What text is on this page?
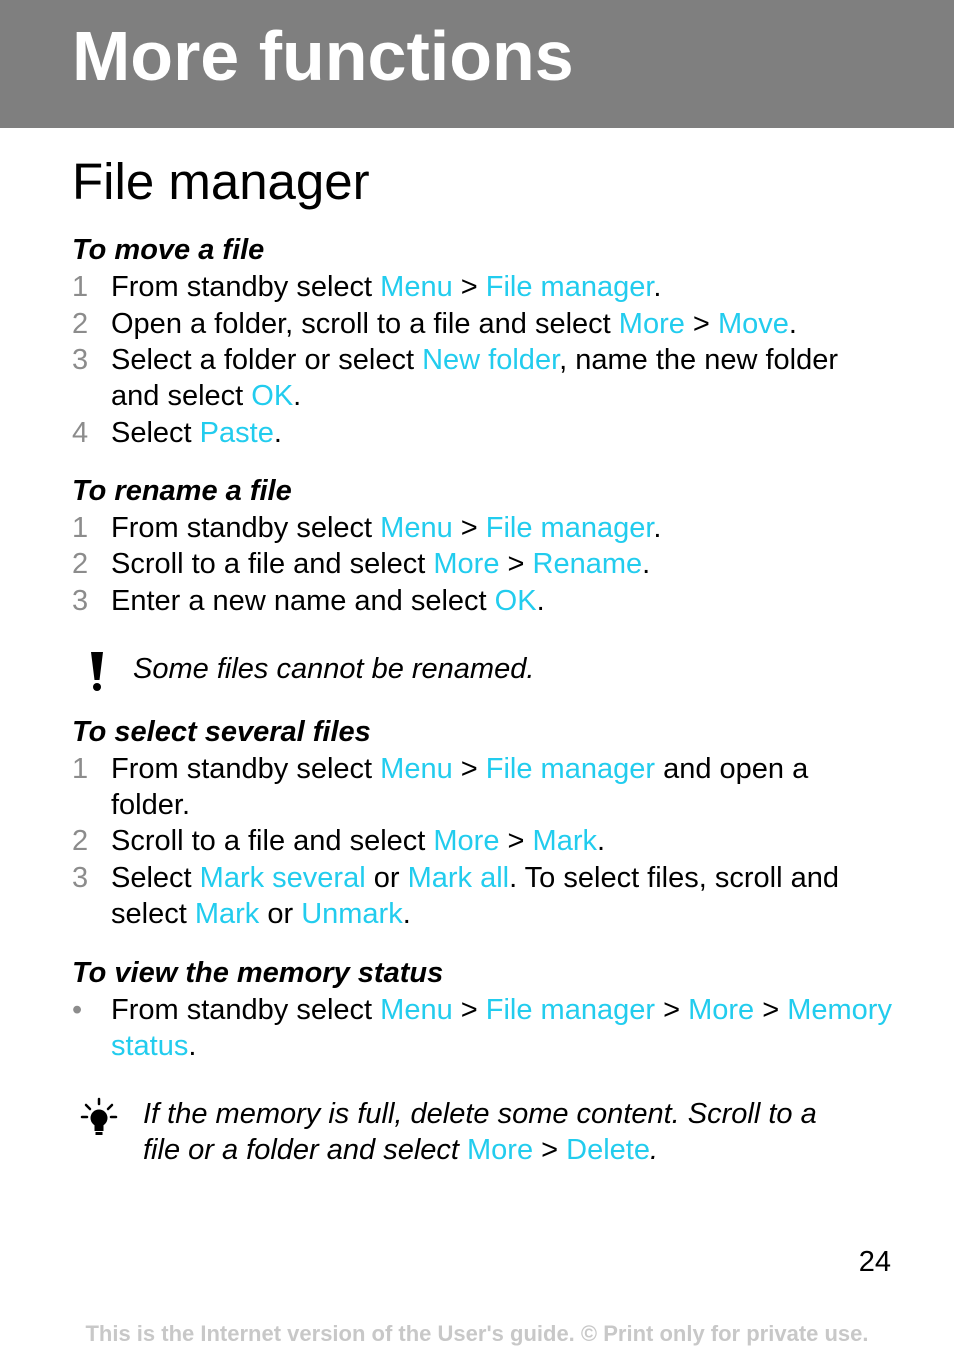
More functions
File manager
To move a file
1 From standby select Menu > File manager.
2 Open a folder, scroll to a file and select More > Move.
3 Select a folder or select New folder, name the new folder and select OK.
4 Select Paste.
To rename a file
1 From standby select Menu > File manager.
2 Scroll to a file and select More > Rename.
3 Enter a new name and select OK.
Some files cannot be renamed.
To select several files
1 From standby select Menu > File manager and open a folder.
2 Scroll to a file and select More > Mark.
3 Select Mark several or Mark all. To select files, scroll and select Mark or Unmark.
To view the memory status
• From standby select Menu > File manager > More > Memory status.
If the memory is full, delete some content. Scroll to a file or a folder and select More > Delete.
24
This is the Internet version of the User's guide. © Print only for private use.
